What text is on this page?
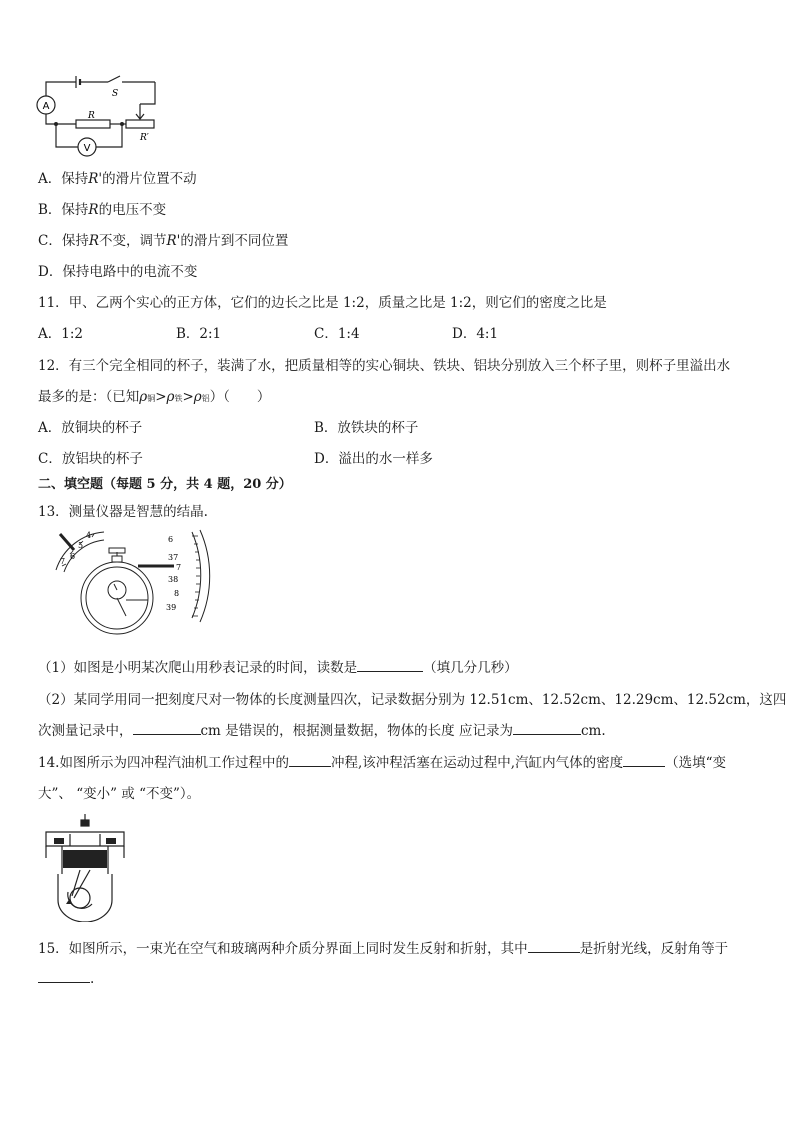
A
V
S
R
R′
A．保持R'的滑片位置不动
B．保持R的电压不变
C．保持R不变，调节R'的滑片到不同位置
D．保持电路中的电流不变
11．甲、乙两个实心的正方体，它们的边长之比是 1:2，质量之比是 1:2，则它们的密度之比是
A．1:2	B．2:1	C．1:4	D．4:1
12．有三个完全相同的杯子，装满了水，把质量相等的实心铜块、铁块、铝块分别放入三个杯子里，则杯子里溢出水
最多的是：（已知ρ铜>ρ铁>ρ铝）（　　）
A．放铜块的杯子	B．放铁块的杯子
C．放铝块的杯子	D．溢出的水一样多
二、填空题（每题 5 分，共 4 题，20 分）
13．测量仪器是智慧的结晶.
4
5
6
7
6
37
7
38
8
39
（1）如图是小明某次爬山用秒表记录的时间，读数是	（填几分几秒）
（2）某同学用同一把刻度尺对一物体的长度测量四次，记录数据分别为 12.51cm、12.52cm、12.29cm、12.52cm，这四
次测量记录中，	cm 是错误的，根据测量数据，物体的长度 应记录为	cm.
14.如图所示为四冲程汽油机工作过程中的	冲程,该冲程活塞在运动过程中,汽缸内气体的密度	（选填“变
大”、 “变小” 或 “不变”）。
15．如图所示，一束光在空气和玻璃两种介质分界面上同时发生反射和折射，其中	是折射光线，反射角等于
.
